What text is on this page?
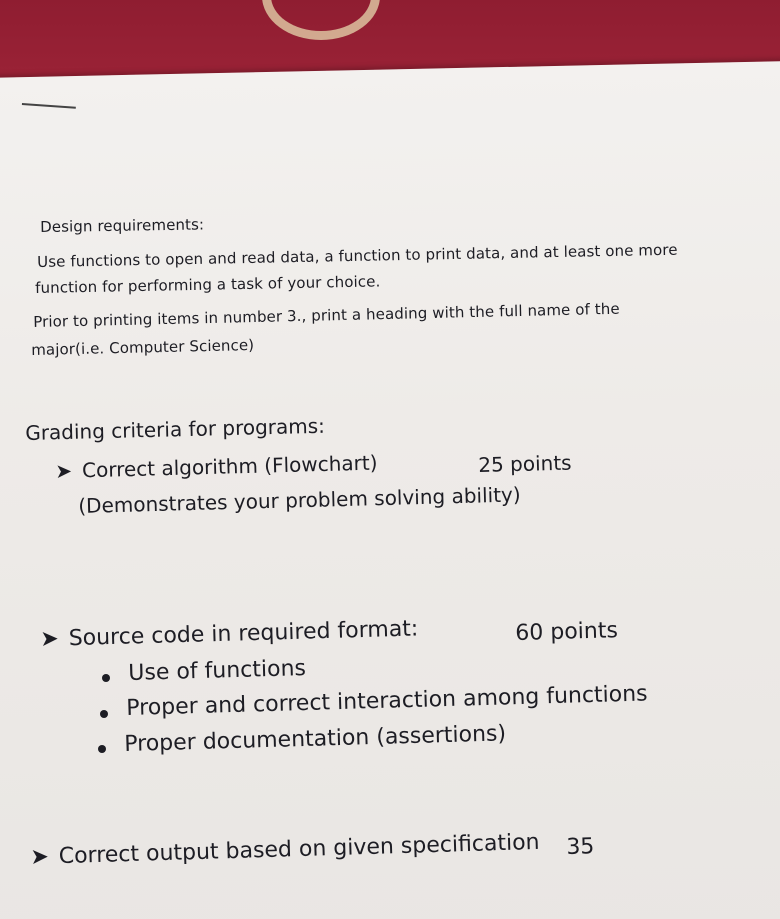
Design requirements:
Use functions to open and read data, a function to print data, and at least one more
function for performing a task of your choice.
Prior to printing items in number 3., print a heading with the full name of the
major(i.e. Computer Science)
Grading criteria for programs:
➤ Correct algorithm (Flowchart)	25 points
(Demonstrates your problem solving ability)
➤ Source code in required format:	60 points
Use of functions
Proper and correct interaction among functions
Proper documentation (assertions)
➤ Correct output based on given specification 35
